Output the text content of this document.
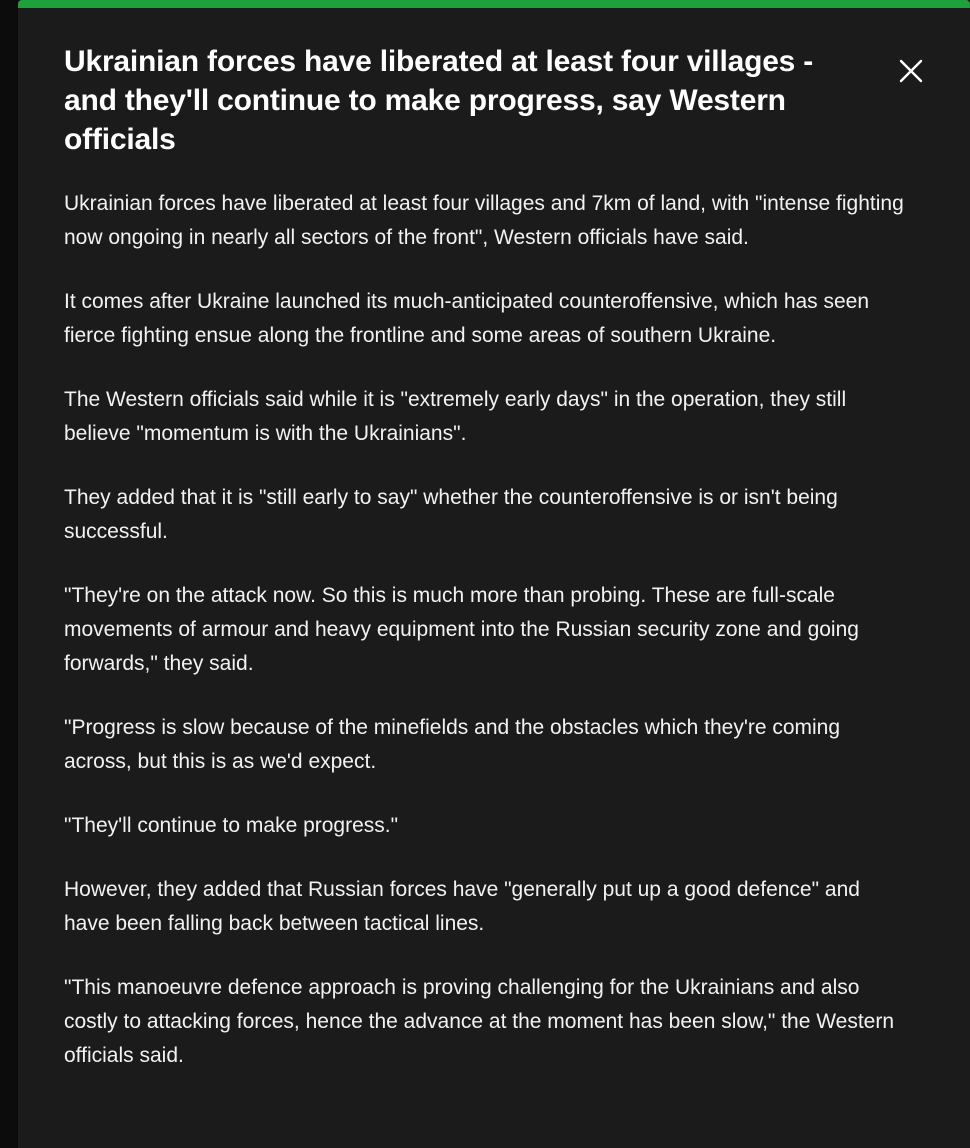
Ukrainian forces have liberated at least four villages - and they'll continue to make progress, say Western officials

Ukrainian forces have liberated at least four villages and 7km of land, with "intense fighting now ongoing in nearly all sectors of the front", Western officials have said.

It comes after Ukraine launched its much-anticipated counteroffensive, which has seen fierce fighting ensue along the frontline and some areas of southern Ukraine.

The Western officials said while it is "extremely early days" in the operation, they still believe "momentum is with the Ukrainians".

They added that it is "still early to say" whether the counteroffensive is or isn't being successful.

"They're on the attack now. So this is much more than probing. These are full-scale movements of armour and heavy equipment into the Russian security zone and going forwards," they said.

"Progress is slow because of the minefields and the obstacles which they're coming across, but this is as we'd expect.

"They'll continue to make progress."

However, they added that Russian forces have "generally put up a good defence" and have been falling back between tactical lines.

"This manoeuvre defence approach is proving challenging for the Ukrainians and also costly to attacking forces, hence the advance at the moment has been slow," the Western officials said.
